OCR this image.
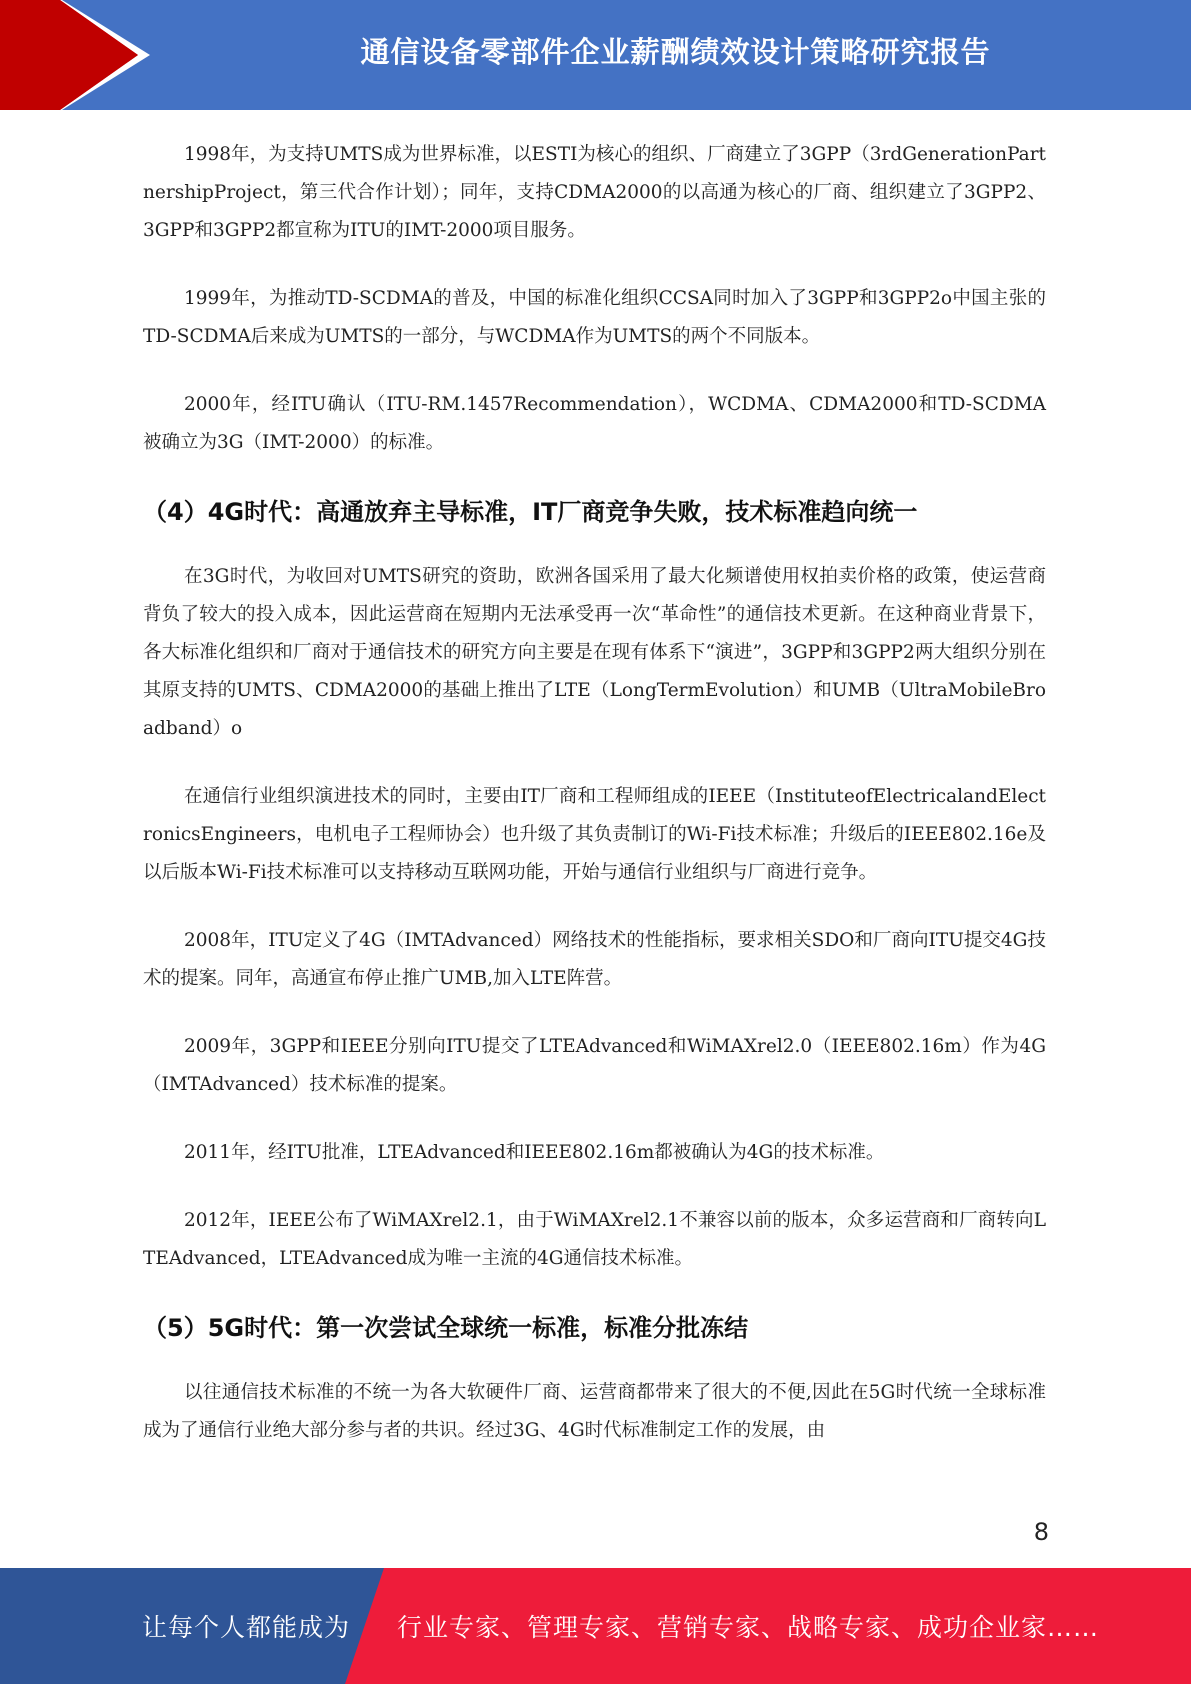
通信设备零部件企业薪酬绩效设计策略研究报告

1998年，为支持UMTS成为世界标准，以ESTI为核心的组织、厂商建立了3GPP（3rdGenerationPartnershipProject，第三代合作计划）；同年，支持CDMA2000的以高通为核心的厂商、组织建立了3GPP2、3GPP和3GPP2都宣称为ITU的IMT-2000项目服务。

1999年，为推动TD-SCDMA的普及，中国的标准化组织CCSA同时加入了3GPP和3GPP2o中国主张的TD-SCDMA后来成为UMTS的一部分，与WCDMA作为UMTS的两个不同版本。

2000年，经ITU确认（ITU-RM.1457Recommendation），WCDMA、CDMA2000和TD-SCDMA被确立为3G（IMT-2000）的标准。

（4）4G时代：高通放弃主导标准，IT厂商竞争失败，技术标准趋向统一

在3G时代，为收回对UMTS研究的资助，欧洲各国采用了最大化频谱使用权拍卖价格的政策，使运营商背负了较大的投入成本，因此运营商在短期内无法承受再一次“革命性”的通信技术更新。在这种商业背景下，各大标准化组织和厂商对于通信技术的研究方向主要是在现有体系下“演进”，3GPP和3GPP2两大组织分别在其原支持的UMTS、CDMA2000的基础上推出了LTE（LongTermEvolution）和UMB（UltraMobileBroadband）o

在通信行业组织演进技术的同时，主要由IT厂商和工程师组成的IEEE（InstituteofElectricalandElectronicsEngineers，电机电子工程师协会）也升级了其负责制订的Wi-Fi技术标准；升级后的IEEE802.16e及以后版本Wi-Fi技术标准可以支持移动互联网功能，开始与通信行业组织与厂商进行竞争。

2008年，ITU定义了4G（IMTAdvanced）网络技术的性能指标，要求相关SDO和厂商向ITU提交4G技术的提案。同年，高通宣布停止推广UMB,加入LTE阵营。

2009年，3GPP和IEEE分别向ITU提交了LTEAdvanced和WiMAXrel2.0（IEEE802.16m）作为4G（IMTAdvanced）技术标准的提案。

2011年，经ITU批准，LTEAdvanced和IEEE802.16m都被确认为4G的技术标准。

2012年，IEEE公布了WiMAXrel2.1，由于WiMAXrel2.1不兼容以前的版本，众多运营商和厂商转向LTEAdvanced，LTEAdvanced成为唯一主流的4G通信技术标准。

（5）5G时代：第一次尝试全球统一标准，标准分批冻结

以往通信技术标准的不统一为各大软硬件厂商、运营商都带来了很大的不便,因此在5G时代统一全球标准成为了通信行业绝大部分参与者的共识。经过3G、4G时代标准制定工作的发展，由

8
让每个人都能成为 行业专家、管理专家、营销专家、战略专家、成功企业家……
